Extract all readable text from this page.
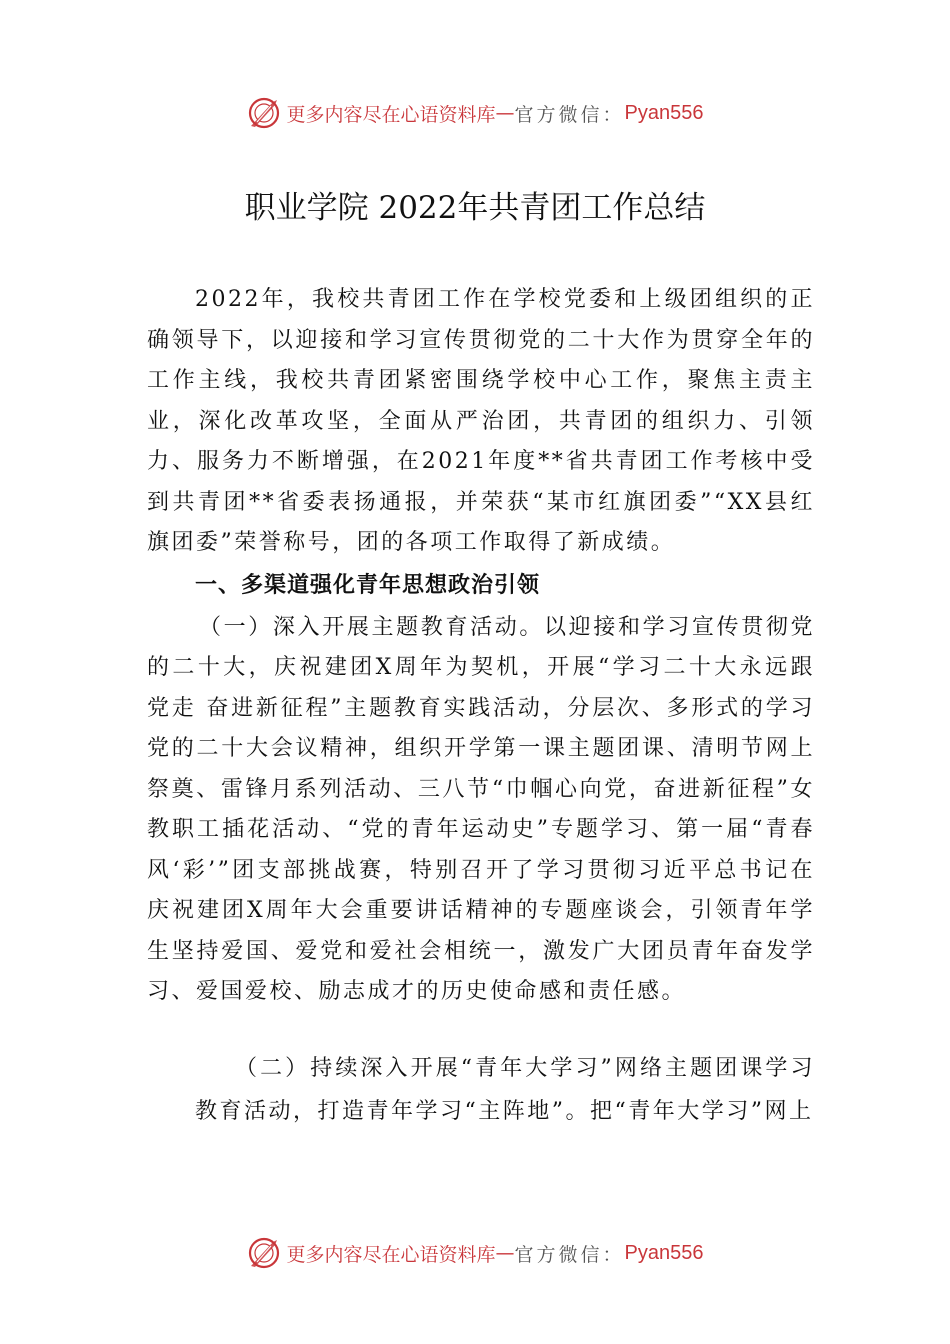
更多内容尽在心语资料库 — 官方微信： Pyan556
职业学院 2022年共青团工作总结

2022年，我校共青团工作在学校党委和上级团组织的正确领导下，以迎接和学习宣传贯彻党的二十大作为贯穿全年的工作主线，我校共青团紧密围绕学校中心工作，聚焦主责主业，深化改革攻坚，全面从严治团，共青团的组织力、引领力、服务力不断增强，在2021年度**省共青团工作考核中受到共青团**省委表扬通报，并荣获“某市红旗团委”“XX县红旗团委”荣誉称号，团的各项工作取得了新成绩。

一、多渠道强化青年思想政治引领

（一）深入开展主题教育活动。以迎接和学习宣传贯彻党的二十大，庆祝建团X周年为契机，开展“学习二十大永远跟党走 奋进新征程”主题教育实践活动，分层次、多形式的学习党的二十大会议精神，组织开学第一课主题团课、清明节网上祭奠、雷锋月系列活动、三八节“巾帼心向党，奋进新征程”女教职工插花活动、“党的青年运动史”专题学习、第一届“青春风‘彩’”团支部挑战赛，特别召开了学习贯彻习近平总书记在庆祝建团X周年大会重要讲话精神的专题座谈会，引领青年学生坚持爱国、爱党和爱社会相统一，激发广大团员青年奋发学习、爱国爱校、励志成才的历史使命感和责任感。

（二）持续深入开展“青年大学习”网络主题团课学习教育活动，打造青年学习“主阵地”。把“青年大学习”网上

更多内容尽在心语资料库 — 官方微信： Pyan556
